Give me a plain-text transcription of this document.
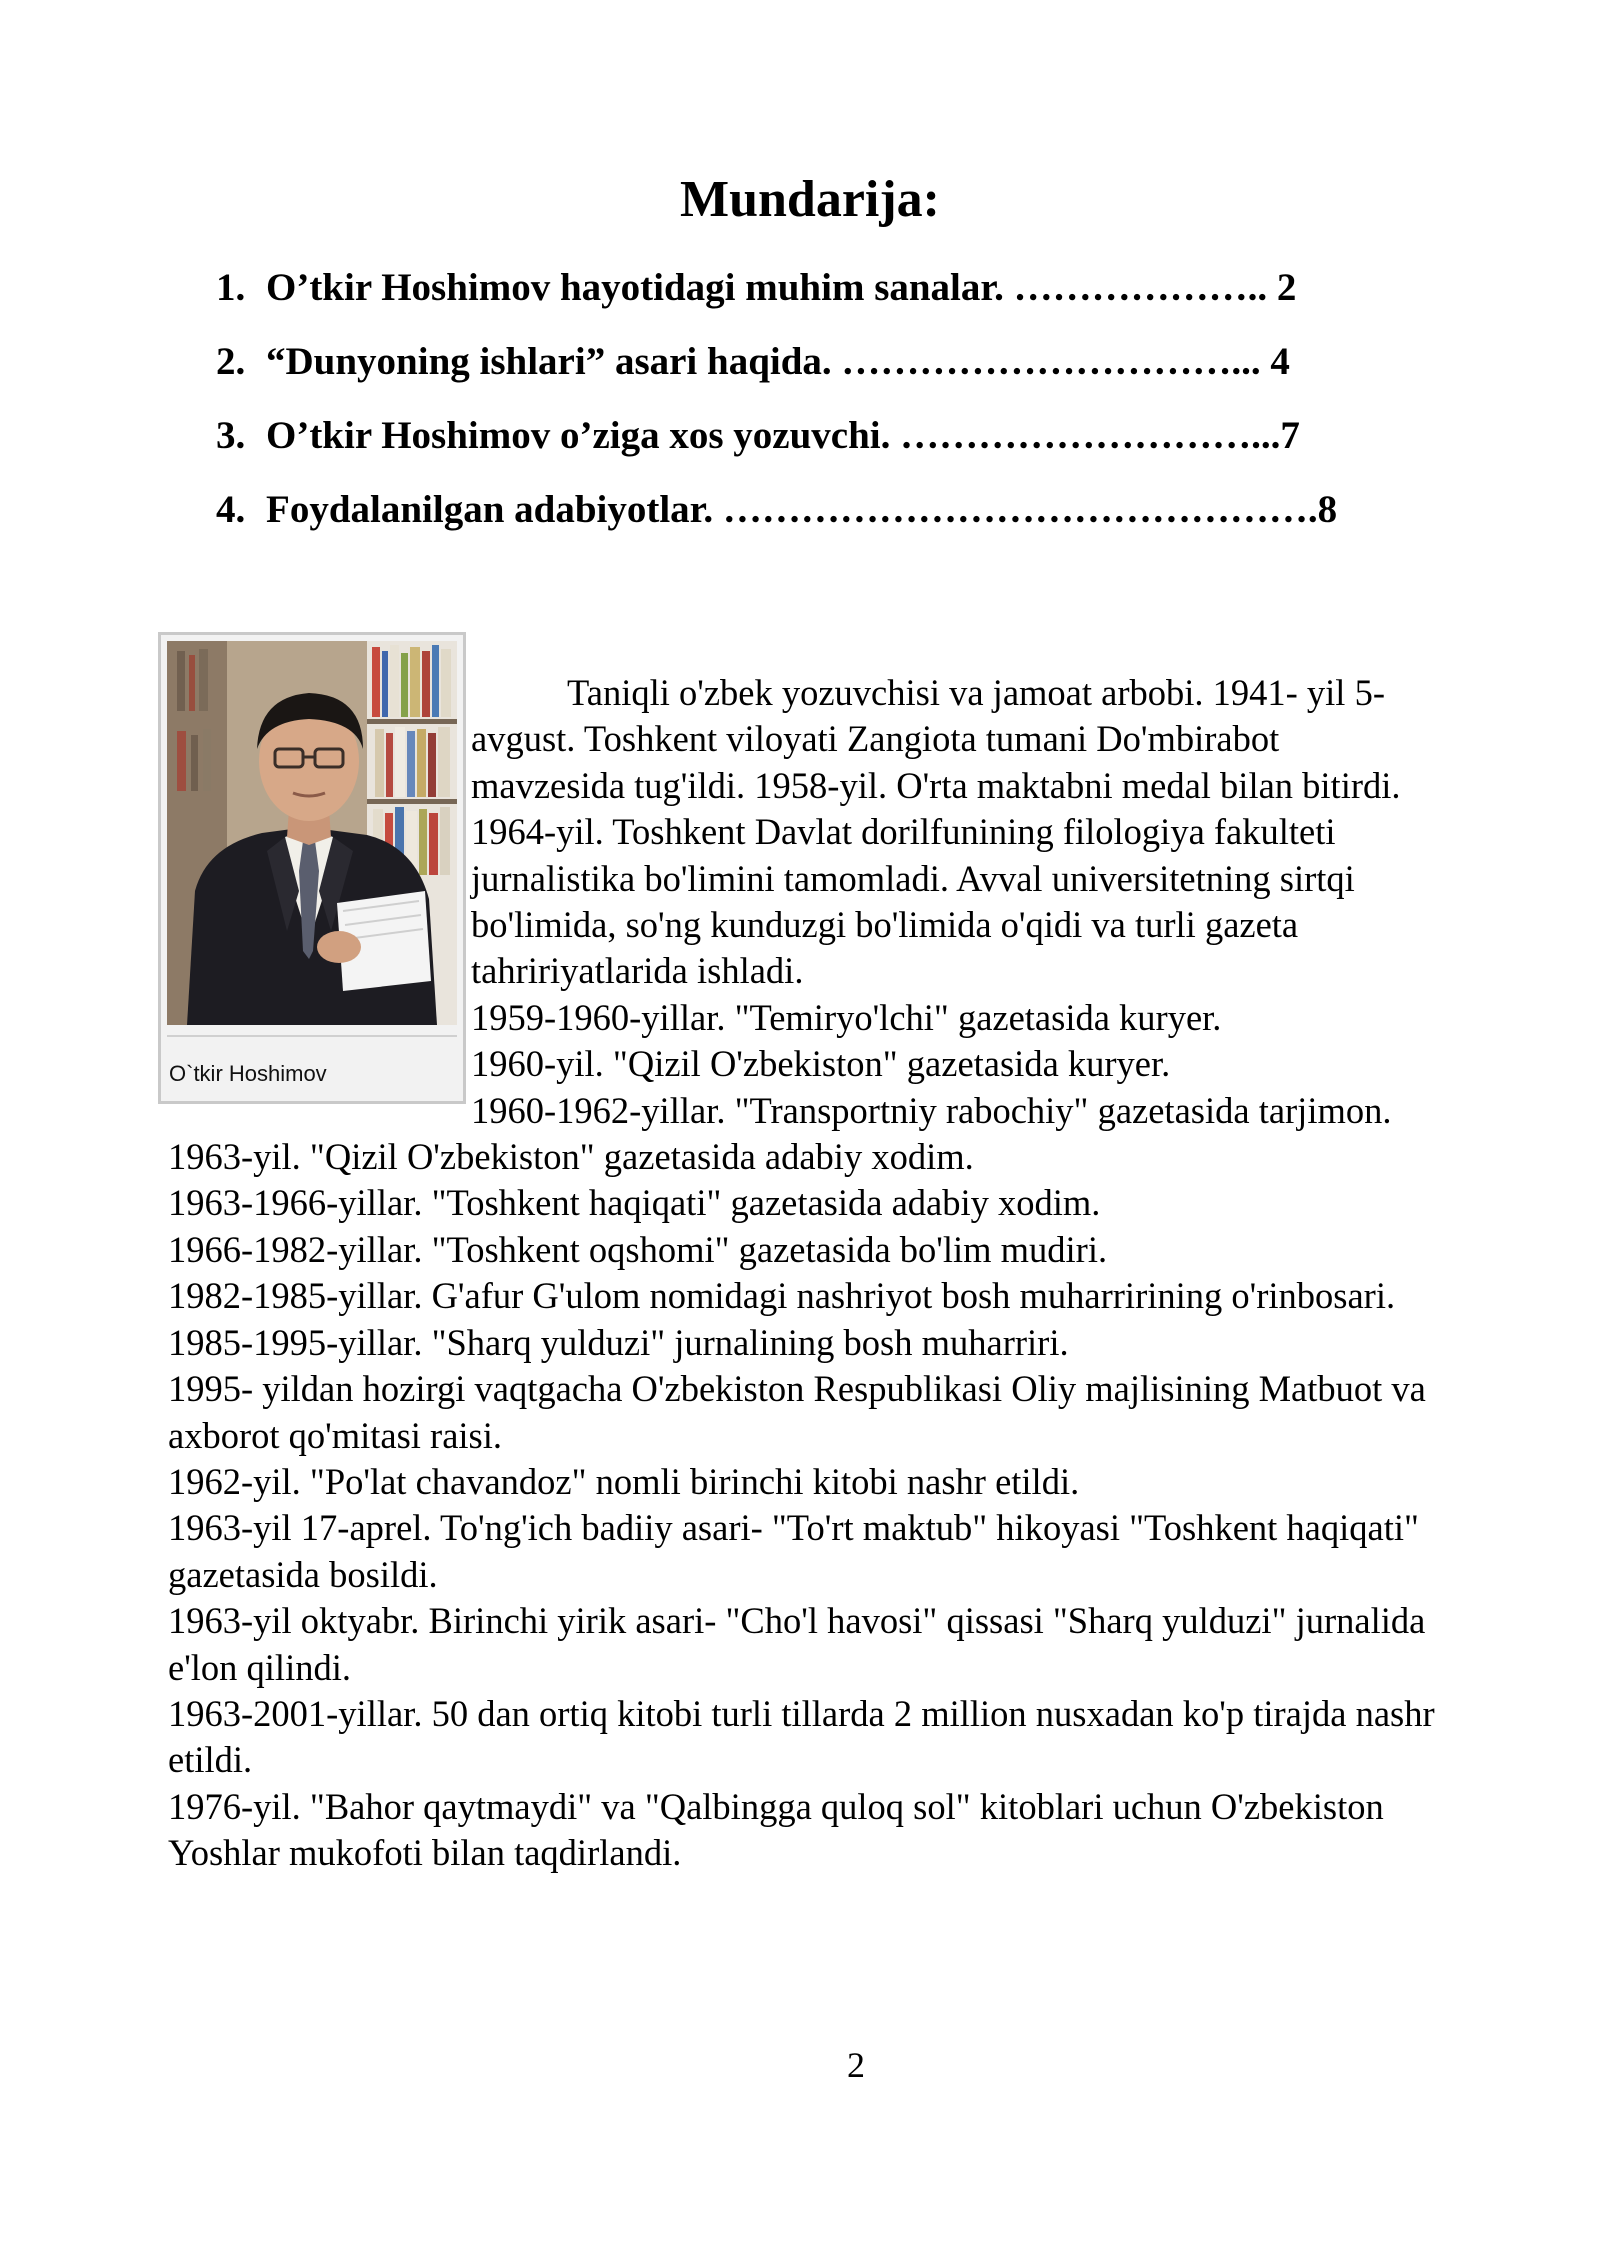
Mundarija:
1. O’tkir Hoshimov hayotidagi muhim sanalar. ……………….. 2
2. “Dunyoning ishlari” asari haqida. …………………………... 4
3. O’tkir Hoshimov o’ziga xos yozuvchi. ………………………...7
4. Foydalanilgan adabiyotlar. ……………………………………….8
O`tkir Hoshimov

Taniqli o'zbek yozuvchisi va jamoat arbobi. 1941- yil 5-avgust. Toshkent viloyati Zangiota tumani Do'mbirabot mavzesida tug'ildi. 1958-yil. O'rta maktabni medal bilan bitirdi. 1964-yil. Toshkent Davlat dorilfunining filologiya fakulteti jurnalistika bo'limini tamomladi. Avval universitetning sirtqi bo'limida, so'ng kunduzgi bo'limida o'qidi va turli gazeta tahririyatlarida ishladi.

1959-1960-yillar. "Temiryo'lchi" gazetasida kuryer.

1960-yil. "Qizil O'zbekiston" gazetasida kuryer.

1960-1962-yillar. "Transportniy rabochiy" gazetasida tarjimon.

1963-yil. "Qizil O'zbekiston" gazetasida adabiy xodim.

1963-1966-yillar. "Toshkent haqiqati" gazetasida adabiy xodim.

1966-1982-yillar. "Toshkent oqshomi" gazetasida bo'lim mudiri.

1982-1985-yillar. G'afur G'ulom nomidagi nashriyot bosh muharririning o'rinbosari.

1985-1995-yillar. "Sharq yulduzi" jurnalining bosh muharriri.

1995- yildan hozirgi vaqtgacha O'zbekiston Respublikasi Oliy majlisining Matbuot va axborot qo'mitasi raisi.

1962-yil. "Po'lat chavandoz" nomli birinchi kitobi nashr etildi.

1963-yil 17-aprel. To'ng'ich badiiy asari- "To'rt maktub" hikoyasi "Toshkent haqiqati" gazetasida bosildi.

1963-yil oktyabr. Birinchi yirik asari- "Cho'l havosi" qissasi "Sharq yulduzi" jurnalida e'lon qilindi.

1963-2001-yillar. 50 dan ortiq kitobi turli tillarda 2 million nusxadan ko'p tirajda nashr etildi.

1976-yil. "Bahor qaytmaydi" va "Qalbingga quloq sol" kitoblari uchun O'zbekiston Yoshlar mukofoti bilan taqdirlandi.

2
